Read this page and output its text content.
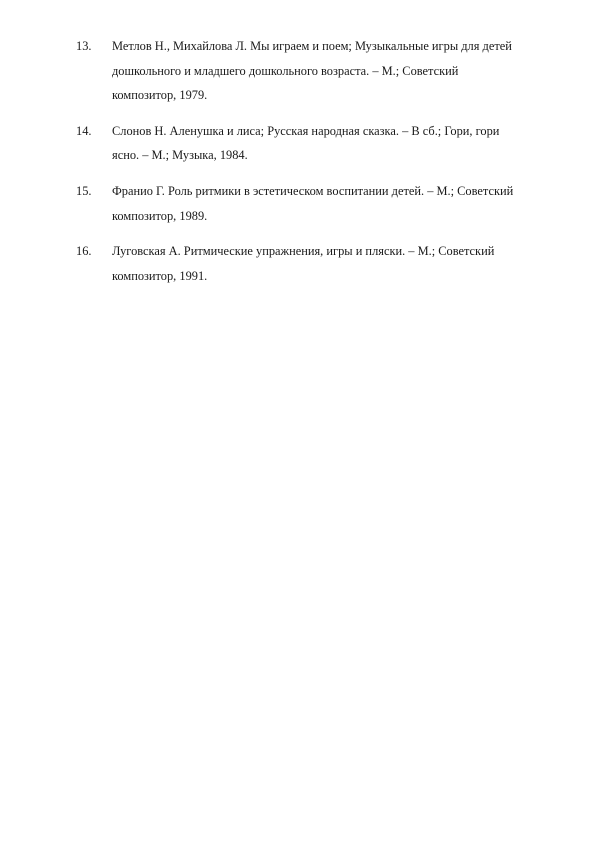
13.	Метлов Н., Михайлова Л. Мы играем и поем; Музыкальные игры для детей
дошкольного и младшего дошкольного возраста. – М.; Советский
композитор, 1979.
14.	Слонов Н. Аленушка и лиса; Русская народная сказка. – В сб.; Гори, гори
ясно. – М.; Музыка, 1984.
15.	Франио Г. Роль ритмики в эстетическом воспитании детей. – М.; Советский
композитор, 1989.
16.	Луговская А. Ритмические упражнения, игры и пляски. – М.; Советский
композитор, 1991.
